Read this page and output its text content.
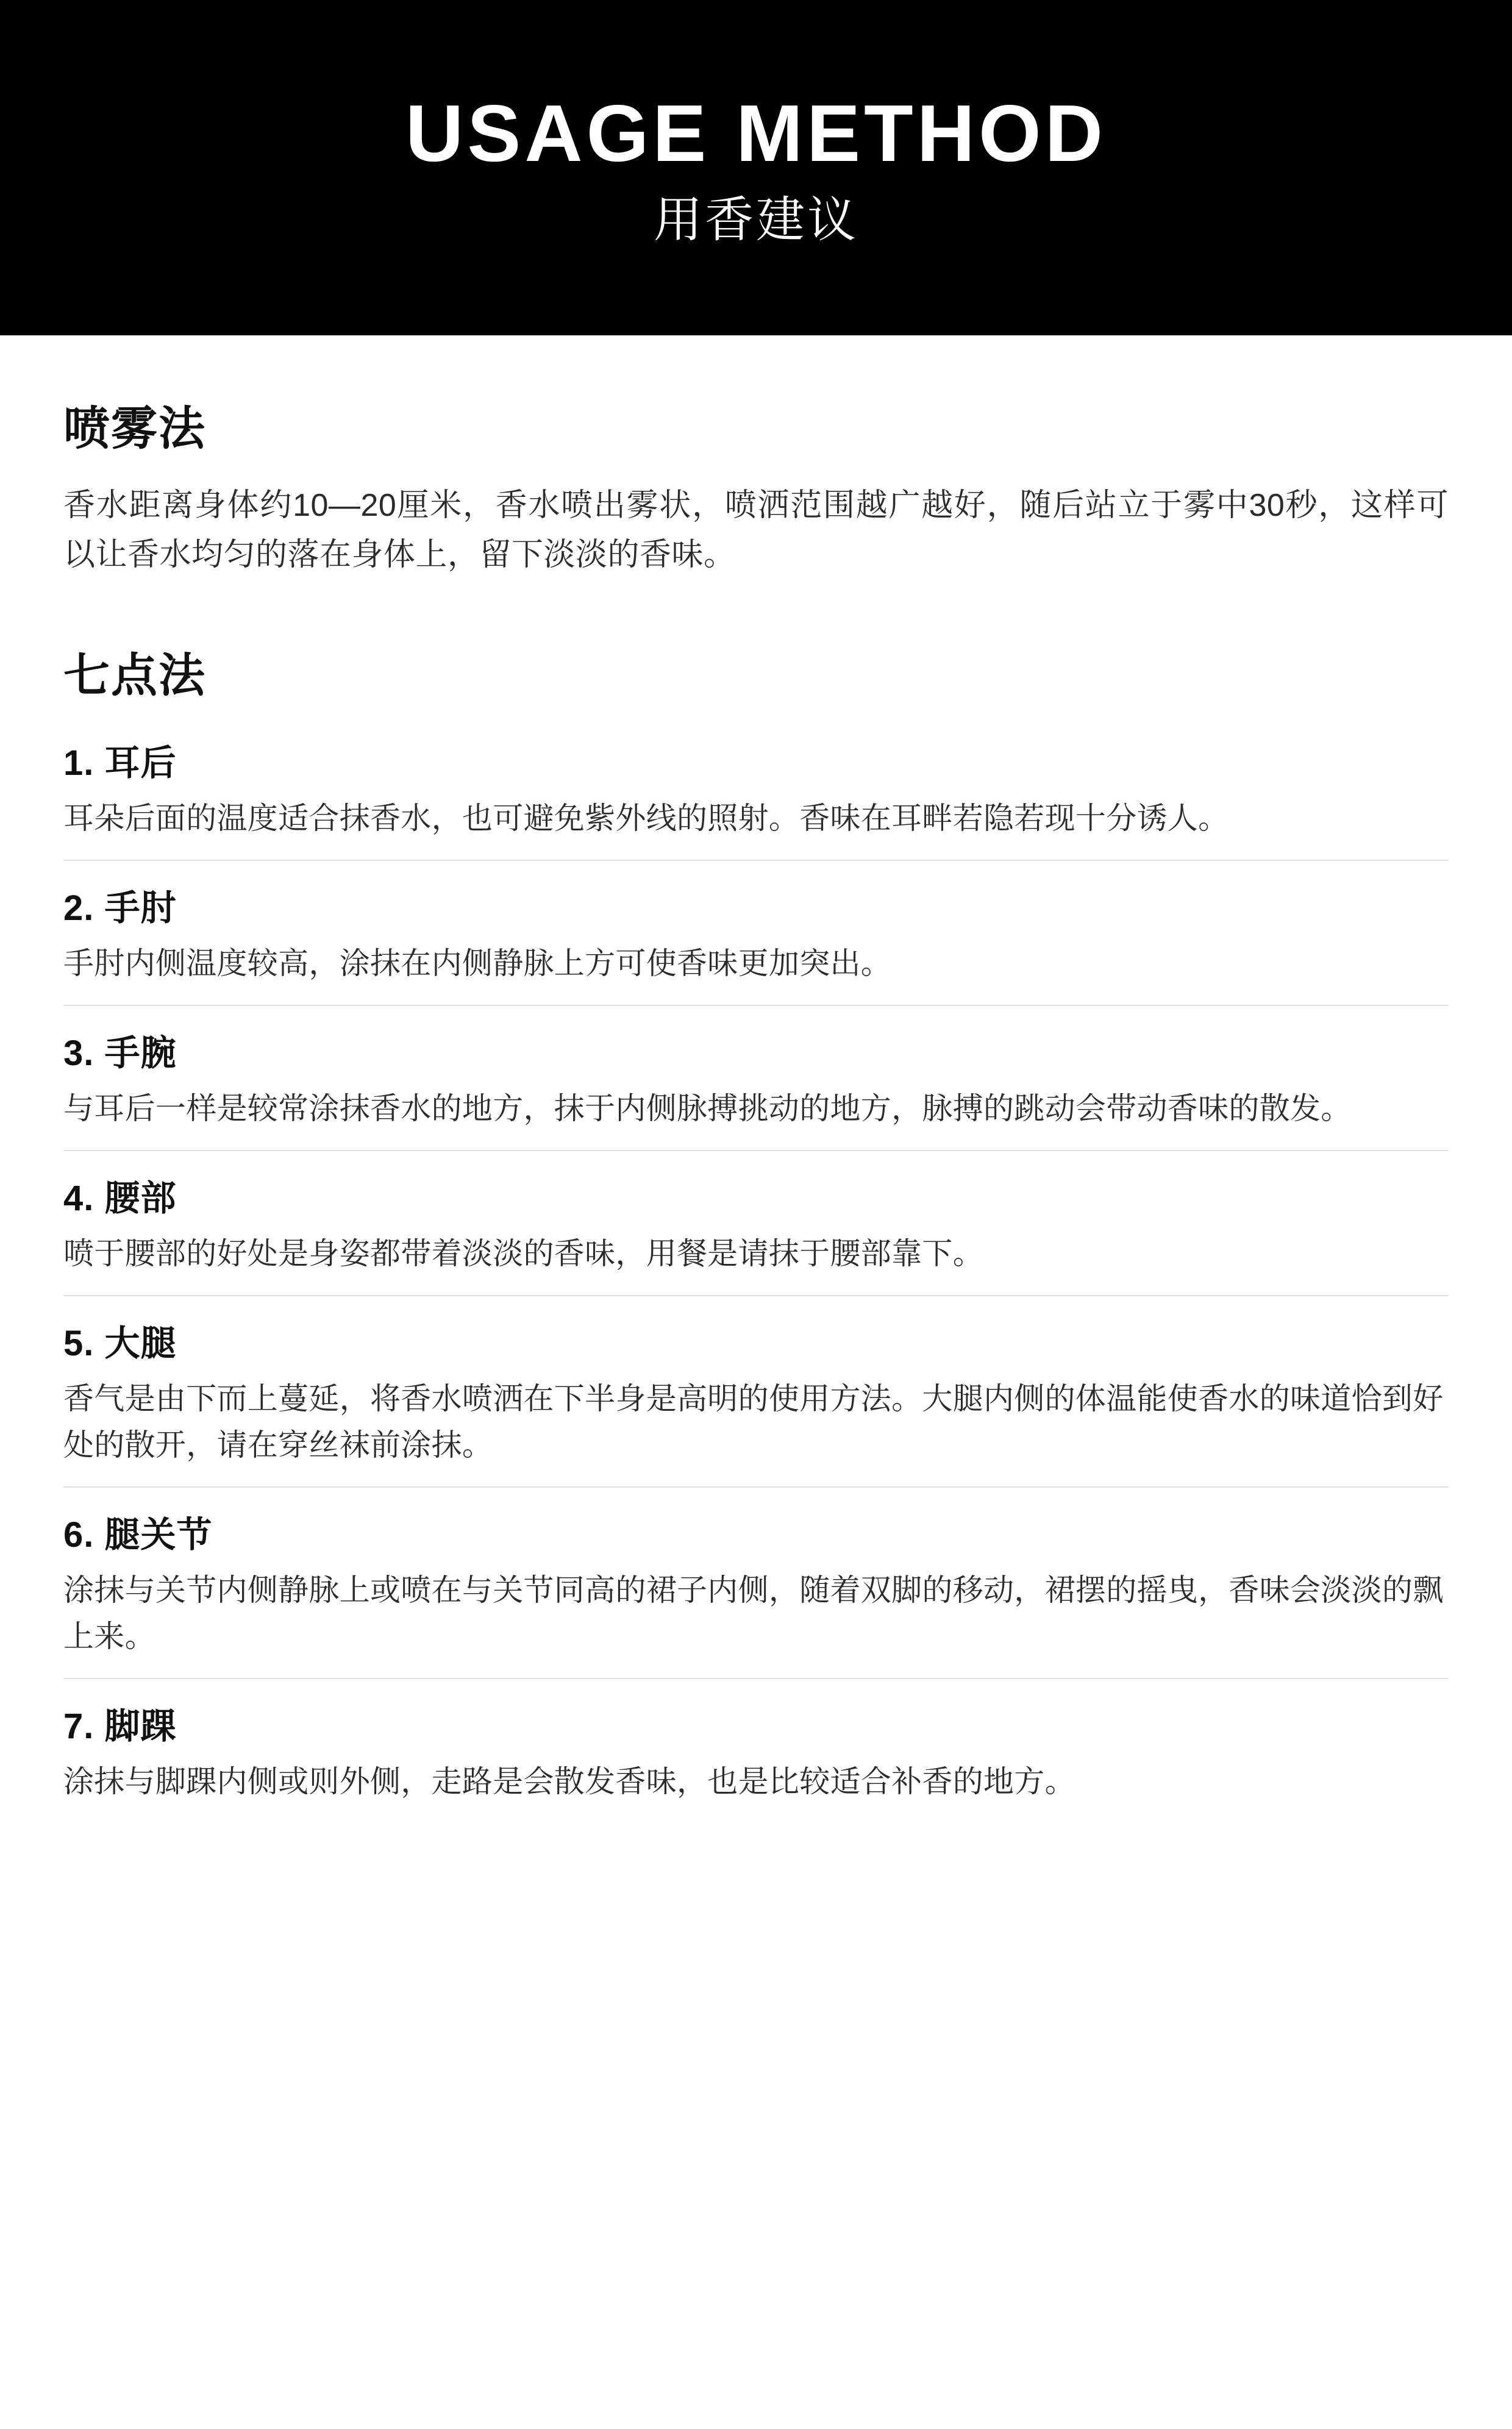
USAGE METHOD
用香建议
喷雾法

香水距离身体约10—20厘米，香水喷出雾状，喷洒范围越广越好，随后站立于雾中30秒，这样可以让香水均匀的落在身体上，留下淡淡的香味。

七点法
1. 耳后
耳朵后面的温度适合抹香水，也可避免紫外线的照射。香味在耳畔若隐若现十分诱人。
2. 手肘
手肘内侧温度较高，涂抹在内侧静脉上方可使香味更加突出。
3. 手腕
与耳后一样是较常涂抹香水的地方，抹于内侧脉搏挑动的地方，脉搏的跳动会带动香味的散发。
4. 腰部
喷于腰部的好处是身姿都带着淡淡的香味，用餐是请抹于腰部靠下。
5. 大腿
香气是由下而上蔓延，将香水喷洒在下半身是高明的使用方法。大腿内侧的体温能使香水的味道恰到好处的散开，请在穿丝袜前涂抹。
6. 腿关节
涂抹与关节内侧静脉上或喷在与关节同高的裙子内侧，随着双脚的移动，裙摆的摇曳，香味会淡淡的飘上来。
7. 脚踝
涂抹与脚踝内侧或则外侧，走路是会散发香味，也是比较适合补香的地方。
